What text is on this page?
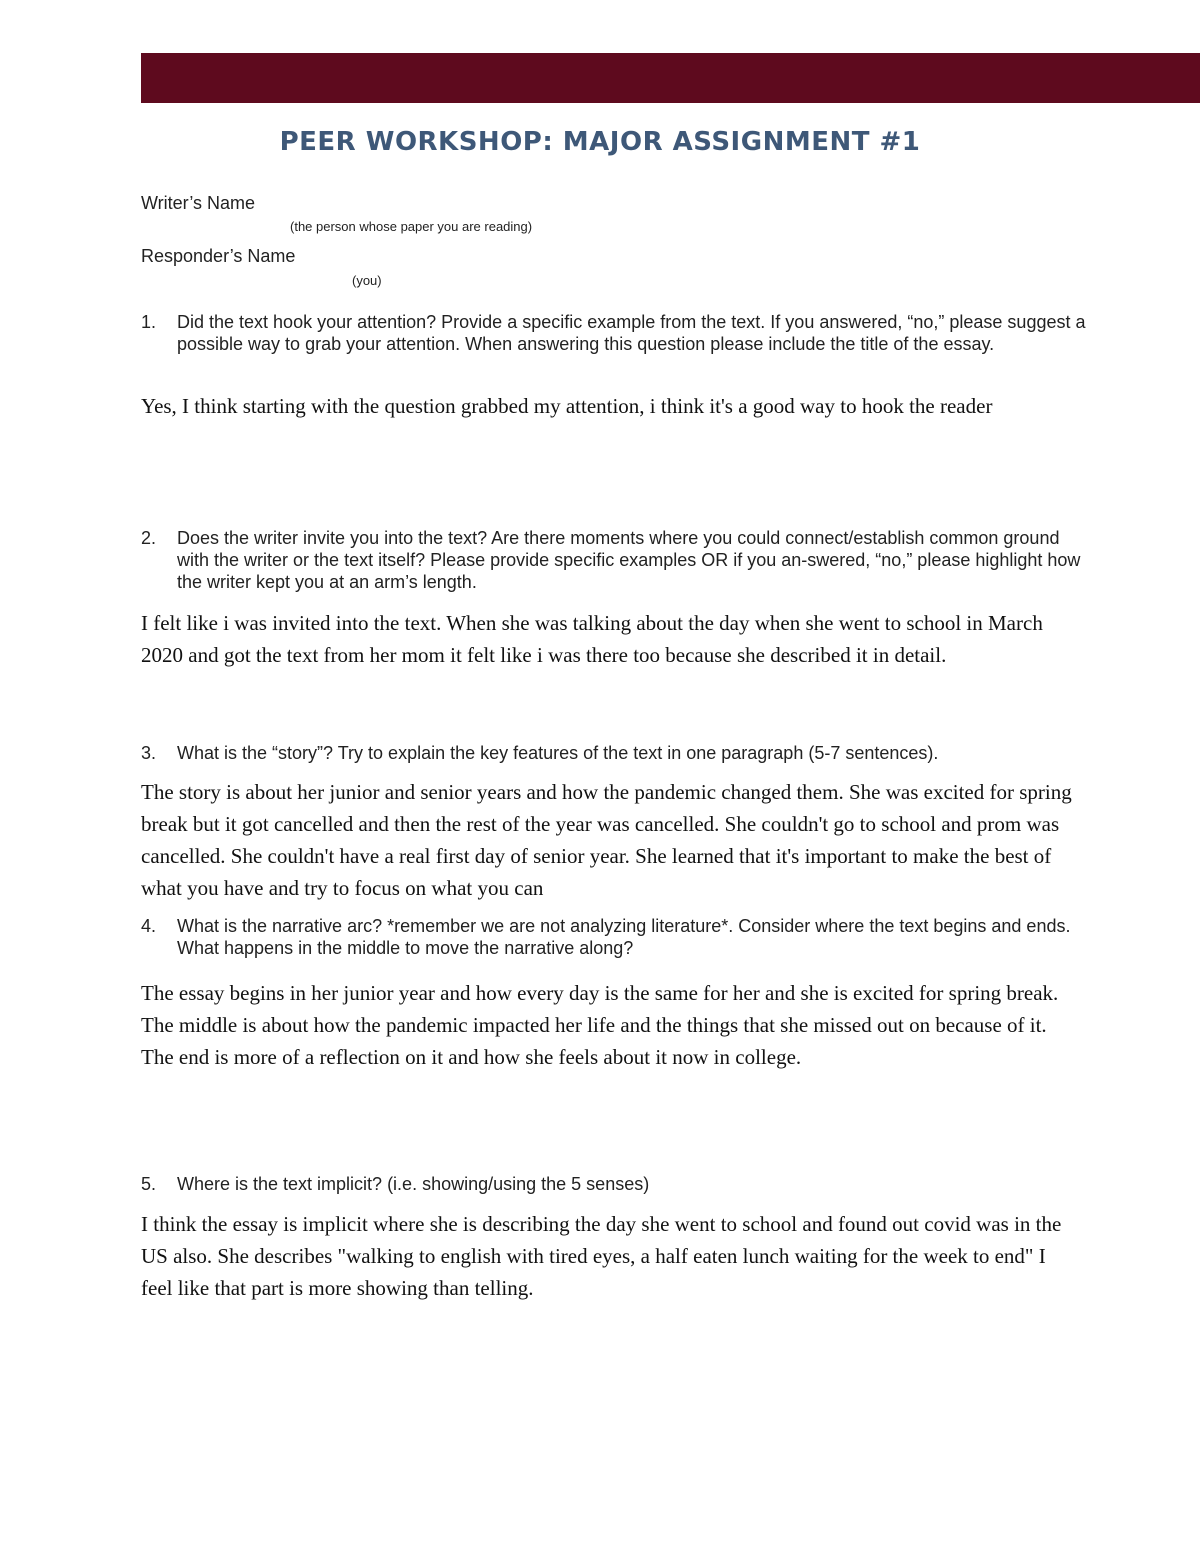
PEER WORKSHOP: MAJOR ASSIGNMENT #1
Writer’s Name
(the person whose paper you are reading)
Responder’s Name
(you)
1.	Did the text hook your attention? Provide a specific example from the text. If you answered, “no,” please suggest a possible way to grab your attention. When answering this question please include the title of the essay.
Yes, I think starting with the question grabbed my attention, i think it's a good way to hook the reader
2.	Does the writer invite you into the text? Are there moments where you could connect/establish common ground with the writer or the text itself? Please provide specific examples OR if you an-swered, “no,” please highlight how the writer kept you at an arm’s length.
I felt like i was invited into the text. When she was talking about the day when she went to school in March 2020 and got the text from her mom it felt like i was there too because she described it in detail.
3.	What is the “story”? Try to explain the key features of the text in one paragraph (5-7 sentences).
The story is about her junior and senior years and how the pandemic changed them. She was excited for spring break but it got cancelled and then the rest of the year was cancelled. She couldn't go to school and prom was cancelled. She couldn't have a real first day of senior year. She learned that it's important to make the best of what you have and try to focus on what you can
4.	What is the narrative arc? *remember we are not analyzing literature*. Consider where the text begins and ends. What happens in the middle to move the narrative along?
The essay begins in her junior year and how every day is the same for her and she is excited for spring break. The middle is about how the pandemic impacted her life and the things that she missed out on because of it. The end is more of a reflection on it and how she feels about it now in college.
5.	Where is the text implicit? (i.e. showing/using the 5 senses)
I think the essay is implicit where she is describing the day she went to school and found out covid was in the US also. She describes "walking to english with tired eyes, a half eaten lunch waiting for the week to end" I feel like that part is more showing than telling.
